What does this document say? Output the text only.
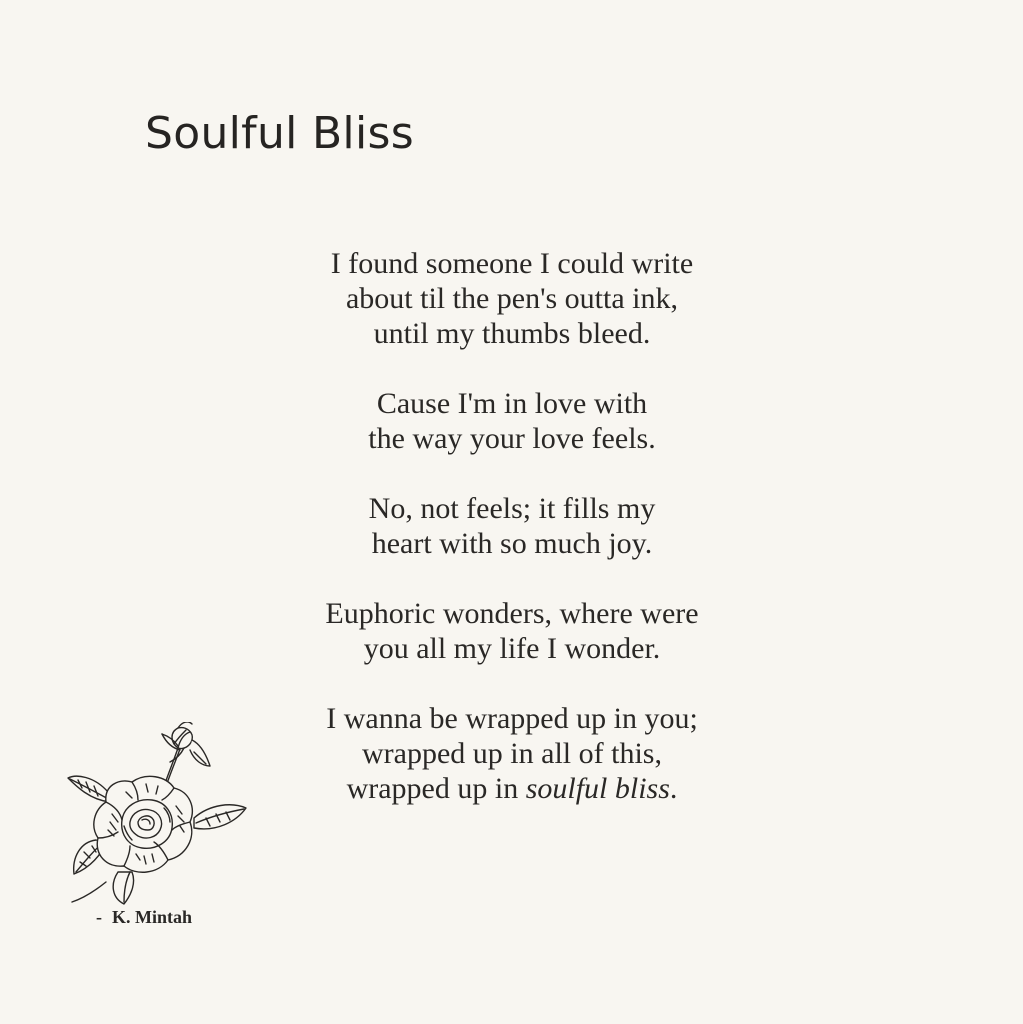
Soulful Bliss
I found someone I could write
about til the pen's outta ink,
until my thumbs bleed.
Cause I'm in love with
the way your love feels.
No, not feels; it fills my
heart with so much joy.
Euphoric wonders, where were
you all my life I wonder.
I wanna be wrapped up in you;
wrapped up in all of this,
wrapped up in soulful bliss.
- K. Mintah
